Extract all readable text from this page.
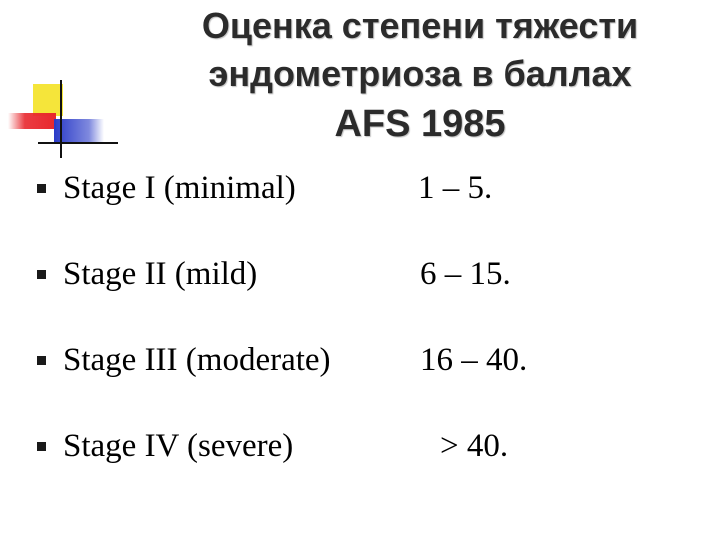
Оценка степени тяжести
эндометриоза в баллах
AFS 1985
Stage I (minimal)	1 – 5.
Stage II (mild)	6 – 15.
Stage III (moderate)	16 – 40.
Stage IV (severe)	> 40.
